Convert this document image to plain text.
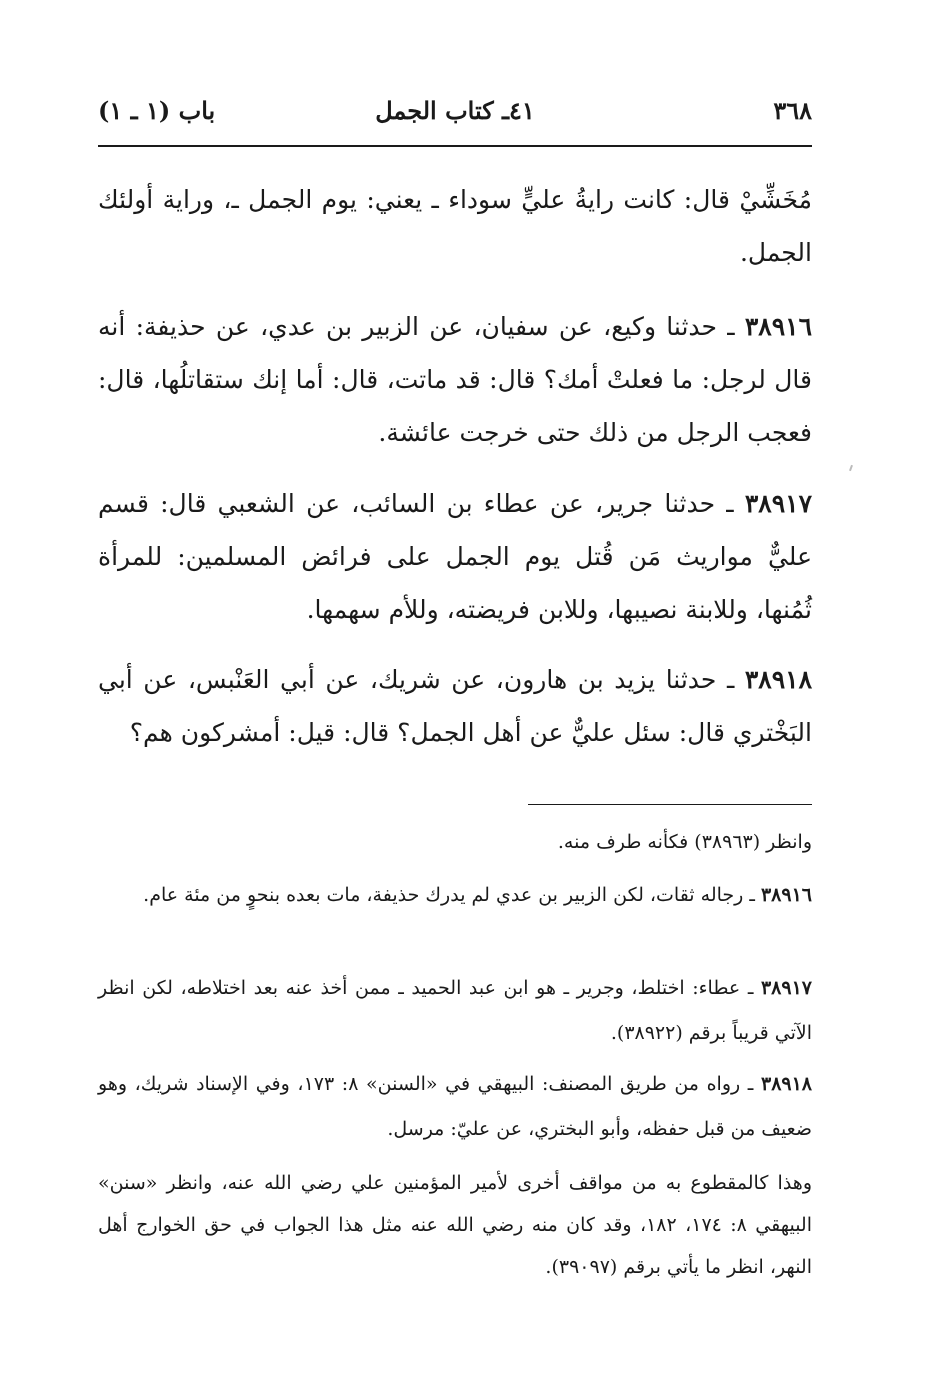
٣٦٨
٤١ـ كتاب الجمل
باب (١ ـ ١)

مُخَشِّيْ قال: كانت رايةُ عليٍّ سوداء ـ يعني: يوم الجمل ـ، وراية أولئك الجمل.

٣٨٩١٦ ـ حدثنا وكيع، عن سفيان، عن الزبير بن عدي، عن حذيفة: أنه قال لرجل: ما فعلتْ أمك؟ قال: قد ماتت، قال: أما إنك ستقاتلُها، قال: فعجب الرجل من ذلك حتى خرجت عائشة.

٣٨٩١٧ ـ حدثنا جرير، عن عطاء بن السائب، عن الشعبي قال: قسم عليٌّ مواريث مَن قُتل يوم الجمل على فرائض المسلمين: للمرأة ثُمُنها، وللابنة نصيبها، وللابن فريضته، وللأم سهمها.

٣٨٩١٨ ـ حدثنا يزيد بن هارون، عن شريك، عن أبي العَنْبس، عن أبي البَخْتري قال: سئل عليٌّ عن أهل الجمل؟ قال: قيل: أمشركون هم؟

وانظر (٣٨٩٦٣) فكأنه طرف منه.

٣٨٩١٦ ـ رجاله ثقات، لكن الزبير بن عدي لم يدرك حذيفة، مات بعده بنحوٍ من مئة عام.

٣٨٩١٧ ـ عطاء: اختلط، وجرير ـ هو ابن عبد الحميد ـ ممن أخذ عنه بعد اختلاطه، لكن انظر الآتي قريباً برقم (٣٨٩٢٢).

٣٨٩١٨ ـ رواه من طريق المصنف: البيهقي في «السنن» ٨: ١٧٣، وفي الإسناد شريك، وهو ضعيف من قبل حفظه، وأبو البختري، عن عليّ: مرسل.

وهذا كالمقطوع به من مواقف أخرى لأمير المؤمنين علي رضي الله عنه، وانظر «سنن» البيهقي ٨: ١٧٤، ١٨٢، وقد كان منه رضي الله عنه مثل هذا الجواب في حق الخوارج أهل النهر، انظر ما يأتي برقم (٣٩٠٩٧).
